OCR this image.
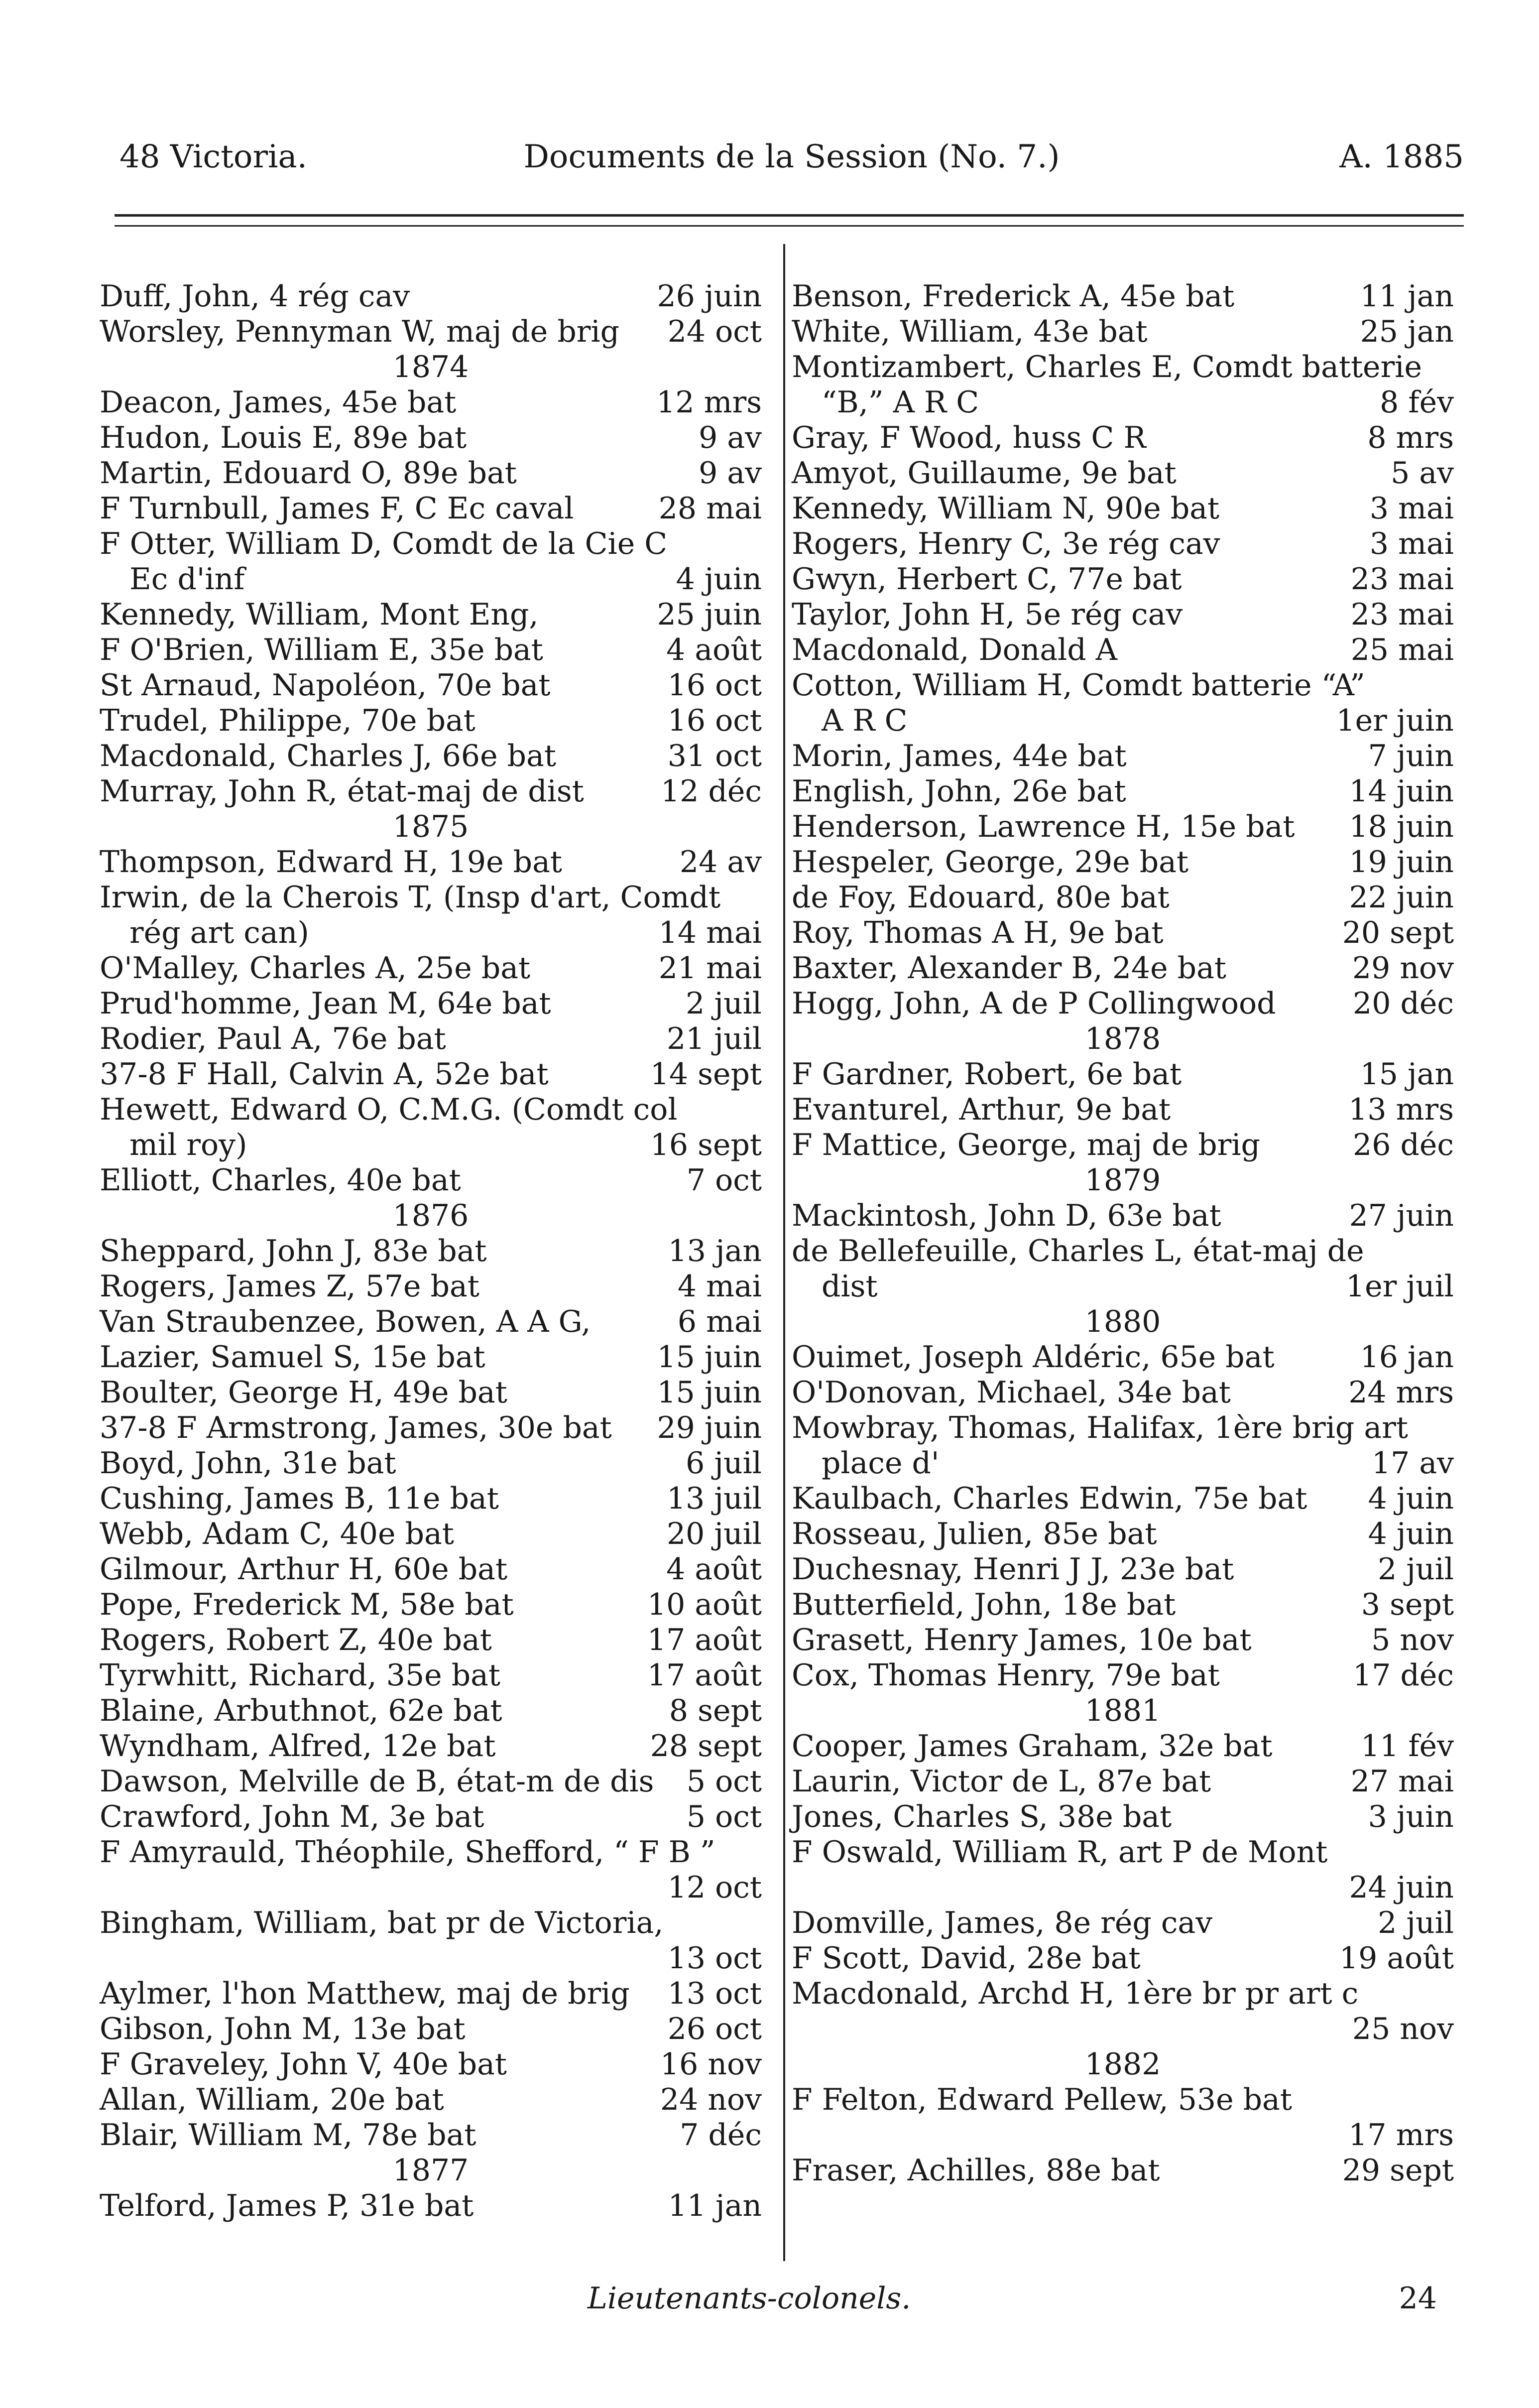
48 Victoria.	Documents de la Session (No. 7.)	A. 1885
Duff, John, 4 rég cav	26 juin
Worsley, Pennyman W, maj de brig 24 oct
1874
Deacon, James, 45e bat	12 mrs
Hudon, Louis E, 89e bat	9 av
Martin, Edouard O, 89e bat	9 av
F Turnbull, James F, C Ec caval	28 mai
F Otter, William D, Comdt de la Cie C
Ec d'inf	4 juin
Kennedy, William, Mont Eng,	25 juin
F O'Brien, William E, 35e bat	4 août
St Arnaud, Napoléon, 70e bat	16 oct
Trudel, Philippe, 70e bat	16 oct
Macdonald, Charles J, 66e bat	31 oct
Murray, John R, état-maj de dist	12 déc
1875
Thompson, Edward H, 19e bat	24 av
Irwin, de la Cherois T, (Insp d'art, Comdt
rég art can)	14 mai
O'Malley, Charles A, 25e bat	21 mai
Prud'homme, Jean M, 64e bat	2 juil
Rodier, Paul A, 76e bat	21 juil
37-8 F Hall, Calvin A, 52e bat	14 sept
Hewett, Edward O, C.M.G. (Comdt col
mil roy)	16 sept
Elliott, Charles, 40e bat	7 oct
1876
Sheppard, John J, 83e bat	13 jan
Rogers, James Z, 57e bat	4 mai
Van Straubenzee, Bowen, A A G,	6 mai
Lazier, Samuel S, 15e bat	15 juin
Boulter, George H, 49e bat	15 juin
37-8 F Armstrong, James, 30e bat 29 juin
Boyd, John, 31e bat	6 juil
Cushing, James B, 11e bat	13 juil
Webb, Adam C, 40e bat	20 juil
Gilmour, Arthur H, 60e bat	4 août
Pope, Frederick M, 58e bat	10 août
Rogers, Robert Z, 40e bat	17 août
Tyrwhitt, Richard, 35e bat	17 août
Blaine, Arbuthnot, 62e bat	8 sept
Wyndham, Alfred, 12e bat	28 sept
Dawson, Melville de B, état-m de dis 5 oct
Crawford, John M, 3e bat	5 oct
F Amyrauld, Théophile, Shefford, “ F B ”
12 oct
Bingham, William, bat pr de Victoria,
13 oct
Aylmer, l'hon Matthew, maj de brig 13 oct
Gibson, John M, 13e bat	26 oct
F Graveley, John V, 40e bat	16 nov
Allan, William, 20e bat	24 nov
Blair, William M, 78e bat	7 déc
1877
Telford, James P, 31e bat	11 jan
Benson, Frederick A, 45e bat	11 jan
White, William, 43e bat	25 jan
Montizambert, Charles E, Comdt batterie
“B,” A R C	8 fév
Gray, F Wood, huss C R	8 mrs
Amyot, Guillaume, 9e bat	5 av
Kennedy, William N, 90e bat	3 mai
Rogers, Henry C, 3e rég cav	3 mai
Gwyn, Herbert C, 77e bat	23 mai
Taylor, John H, 5e rég cav	23 mai
Macdonald, Donald A	25 mai
Cotton, William H, Comdt batterie “A”
A R C	1er juin
Morin, James, 44e bat	7 juin
English, John, 26e bat	14 juin
Henderson, Lawrence H, 15e bat 18 juin
Hespeler, George, 29e bat	19 juin
de Foy, Edouard, 80e bat	22 juin
Roy, Thomas A H, 9e bat	20 sept
Baxter, Alexander B, 24e bat	29 nov
Hogg, John, A de P Collingwood	20 déc
1878
F Gardner, Robert, 6e bat	15 jan
Evanturel, Arthur, 9e bat	13 mrs
F Mattice, George, maj de brig	26 déc
1879
Mackintosh, John D, 63e bat	27 juin
de Bellefeuille, Charles L, état-maj de
dist	1er juil
1880
Ouimet, Joseph Aldéric, 65e bat	16 jan
O'Donovan, Michael, 34e bat	24 mrs
Mowbray, Thomas, Halifax, 1ère brig art
place d'	17 av
Kaulbach, Charles Edwin, 75e bat 4 juin
Rosseau, Julien, 85e bat	4 juin
Duchesnay, Henri J J, 23e bat	2 juil
Butterfield, John, 18e bat	3 sept
Grasett, Henry James, 10e bat	5 nov
Cox, Thomas Henry, 79e bat	17 déc
1881
Cooper, James Graham, 32e bat	11 fév
Laurin, Victor de L, 87e bat	27 mai
Jones, Charles S, 38e bat	3 juin
F Oswald, William R, art P de Mont
24 juin
Domville, James, 8e rég cav	2 juil
F Scott, David, 28e bat	19 août
Macdonald, Archd H, 1ère br pr art c
25 nov
1882
F Felton, Edward Pellew, 53e bat
17 mrs
Fraser, Achilles, 88e bat	29 sept
Lieutenants-colonels.	24
